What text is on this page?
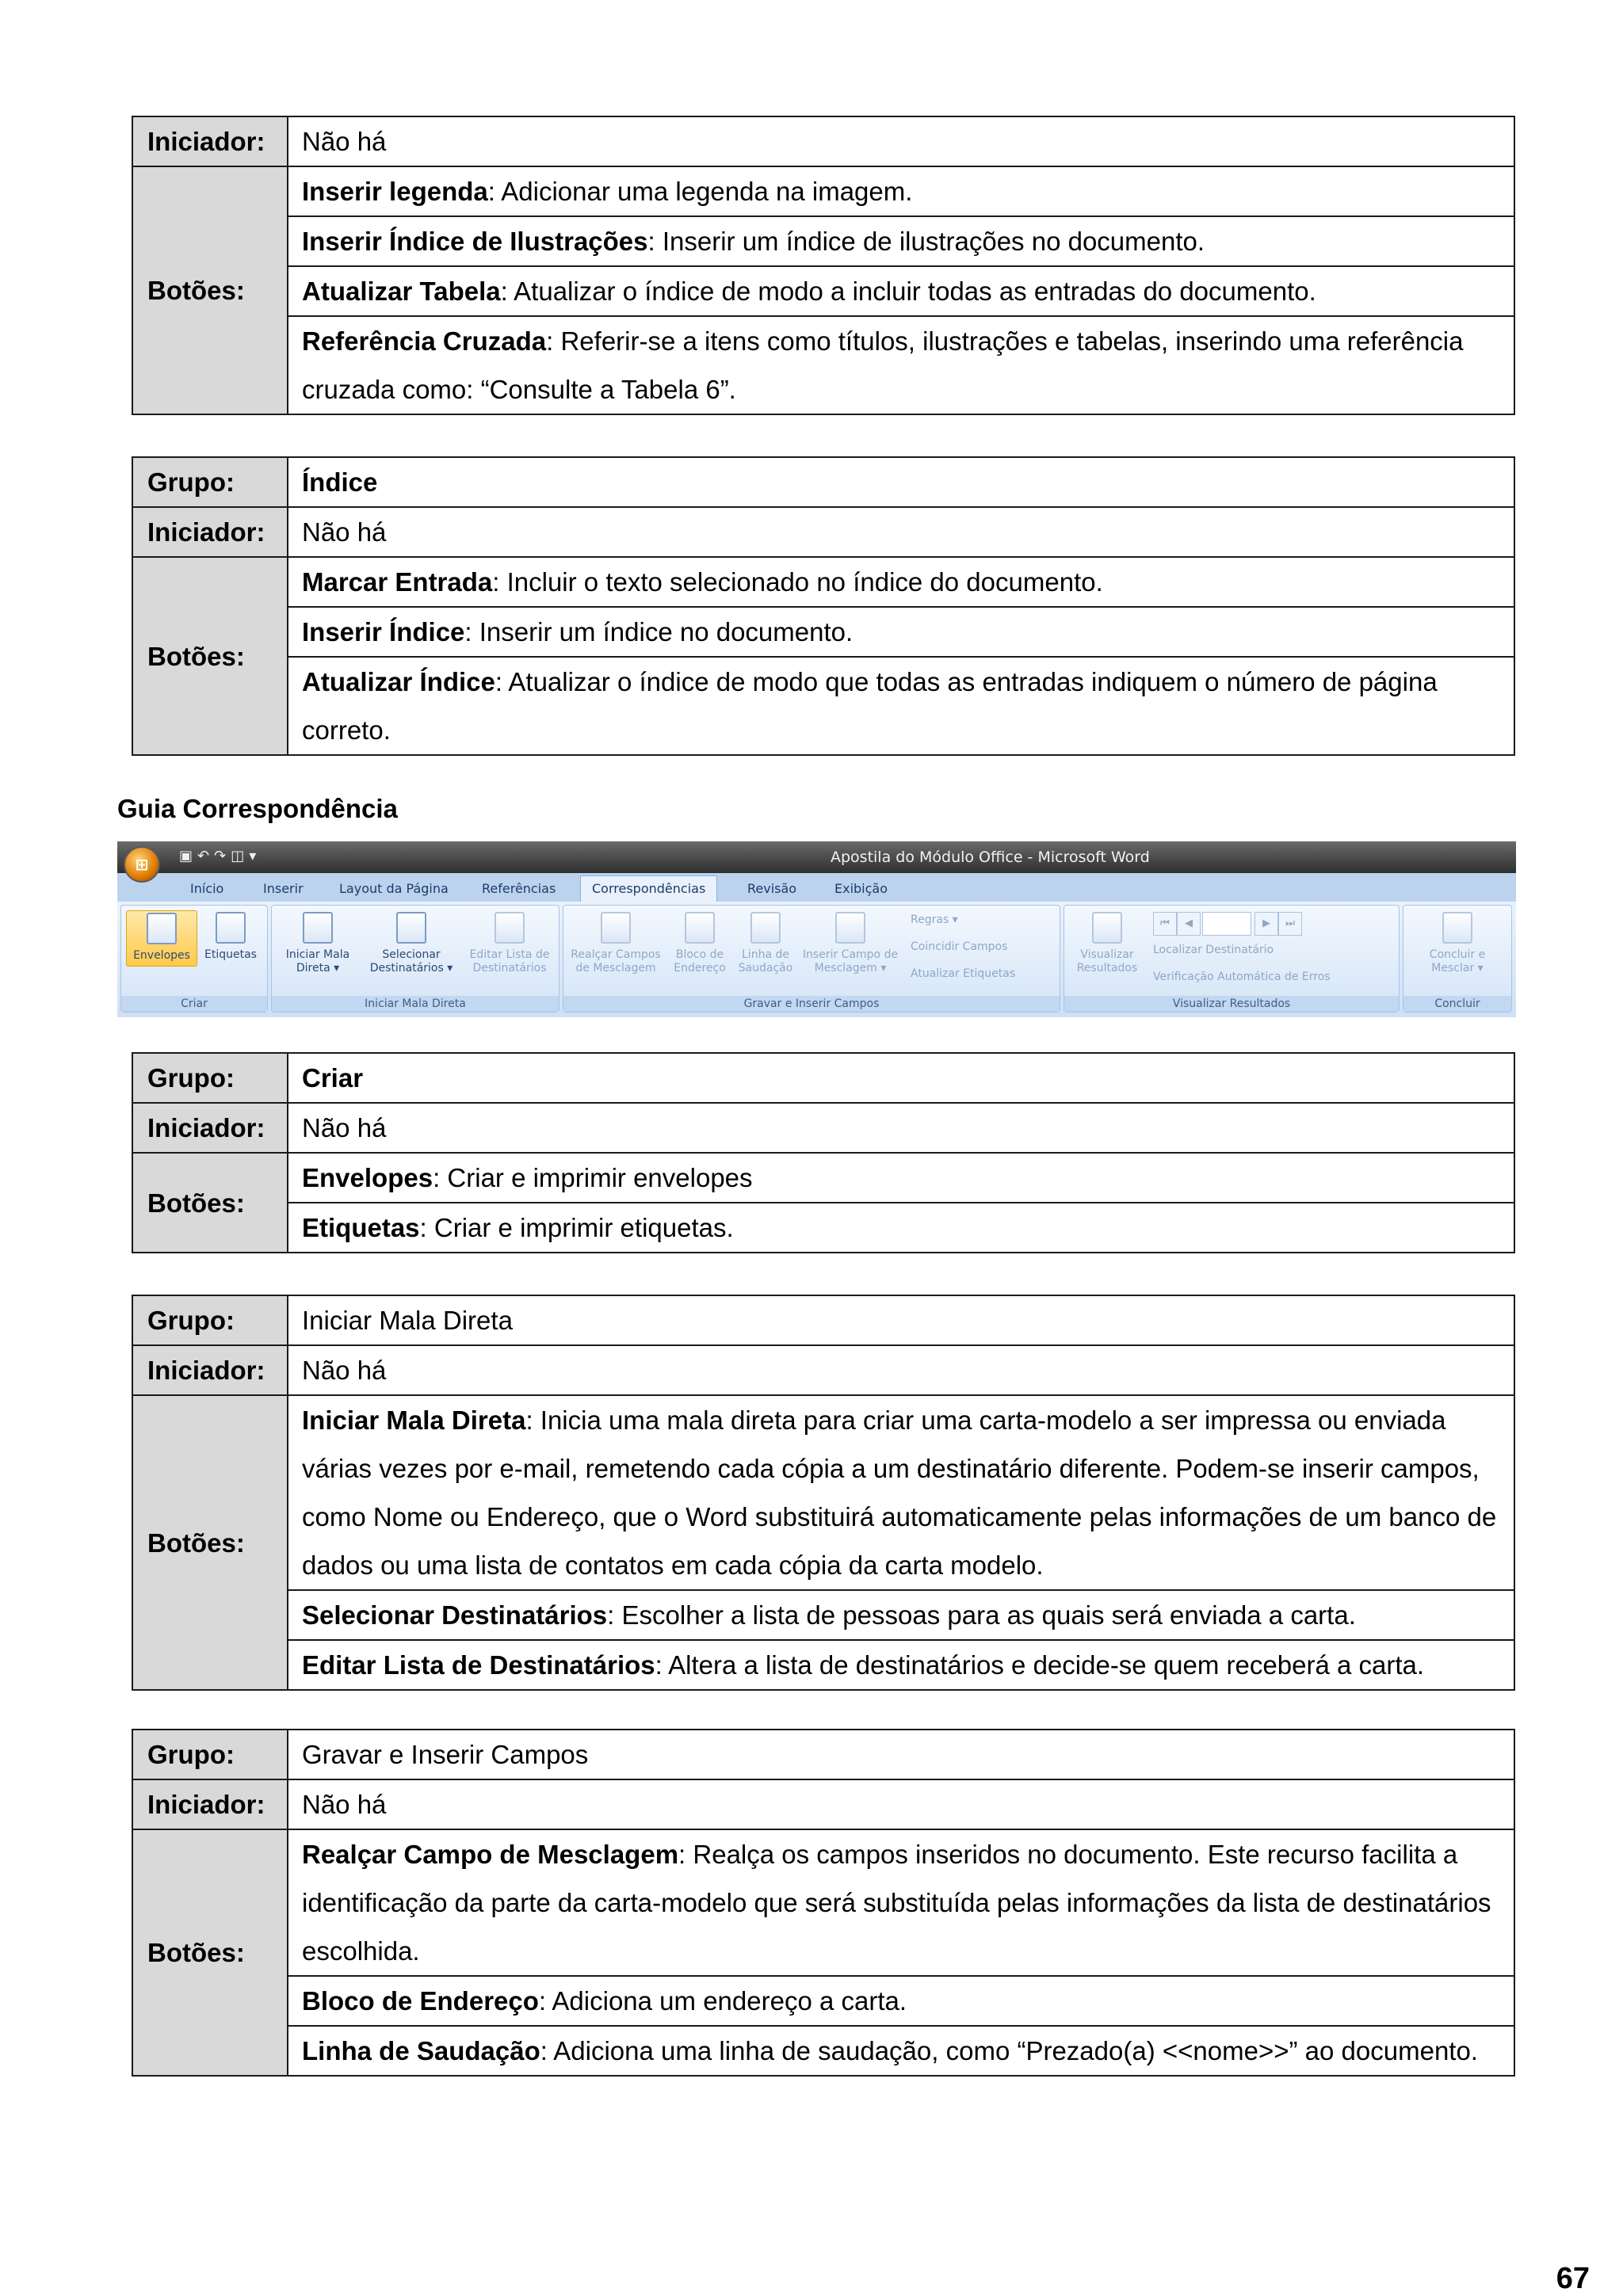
Iniciador:	Não há
Botões:	Inserir legenda: Adicionar uma legenda na imagem.
	Inserir Índice de Ilustrações: Inserir um índice de ilustrações no documento.
	Atualizar Tabela: Atualizar o índice de modo a incluir todas as entradas do documento.
	Referência Cruzada: Referir-se a itens como títulos, ilustrações e tabelas, inserindo uma referência cruzada como: “Consulte a Tabela 6”.
Grupo:	Índice
Iniciador:	Não há
Botões:	Marcar Entrada: Incluir o texto selecionado no índice do documento.
	Inserir Índice: Inserir um índice no documento.
	Atualizar Índice: Atualizar o índice de modo que todas as entradas indiquem o número de página correto.
Guia Correspondência
▣↶↷◫▾	Apostila do Módulo Office - Microsoft Word
⊞
Início	Inserir	Layout da Página	Referências	Correspondências	Revisão	Exibição
Envelopes	Etiquetas
Criar
Iniciar Mala Direta ▾
Selecionar Destinatários ▾
Editar Lista de Destinatários
Iniciar Mala Direta
Realçar Campos de Mesclagem
Bloco de Endereço
Linha de Saudação
Inserir Campo de Mesclagem ▾
Regras ▾
Coincidir Campos
Atualizar Etiquetas
Gravar e Inserir Campos
Visualizar Resultados
⏮	◀	▶	⏭
Localizar Destinatário
Verificação Automática de Erros
Visualizar Resultados
Concluir e Mesclar ▾
Concluir
Grupo:	Criar
Iniciador:	Não há
Botões:	Envelopes: Criar e imprimir envelopes
	Etiquetas: Criar e imprimir etiquetas.
Grupo:	Iniciar Mala Direta
Iniciador:	Não há
Botões:	Iniciar Mala Direta: Inicia uma mala direta para criar uma carta-modelo a ser impressa ou enviada várias vezes por e-mail, remetendo cada cópia a um destinatário diferente. Podem-se inserir campos, como Nome ou Endereço, que o Word substituirá automaticamente pelas informações de um banco de dados ou uma lista de contatos em cada cópia da carta modelo.
	Selecionar Destinatários: Escolher a lista de pessoas para as quais será enviada a carta.
	Editar Lista de Destinatários: Altera a lista de destinatários e decide-se quem receberá a carta.
Grupo:	Gravar e Inserir Campos
Iniciador:	Não há
Botões:	Realçar Campo de Mesclagem: Realça os campos inseridos no documento. Este recurso facilita a identificação da parte da carta-modelo que será substituída pelas informações da lista de destinatários escolhida.
	Bloco de Endereço: Adiciona um endereço a carta.
	Linha de Saudação: Adiciona uma linha de saudação, como “Prezado(a) <<nome>>” ao documento.
67
